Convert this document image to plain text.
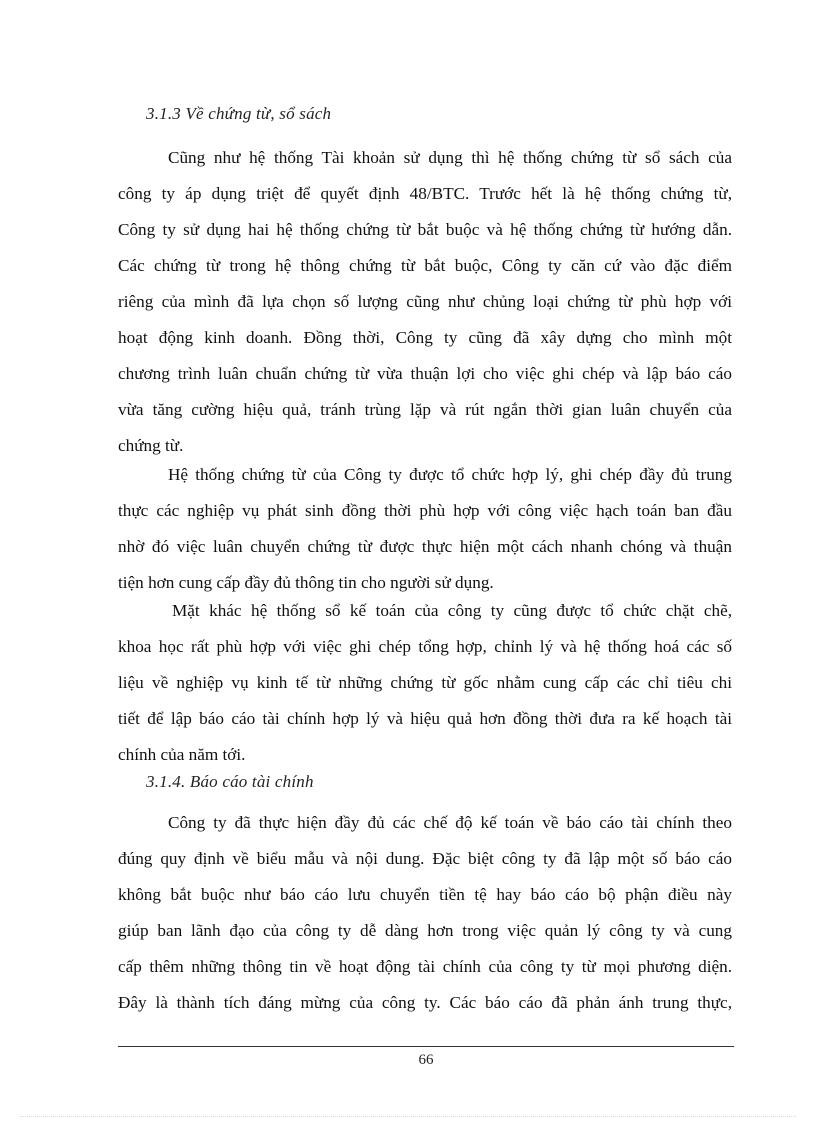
3.1.3 Về chứng từ, sổ sách
Cũng như hệ thống Tài khoản sử dụng thì hệ thống chứng từ sổ sách của
công ty áp dụng triệt để quyết định 48/BTC. Trước hết là hệ thống chứng từ,
Công ty sử dụng hai hệ thống chứng từ bắt buộc và hệ thống chứng từ hướng dẫn.
Các chứng từ trong hệ thông chứng từ bắt buộc, Công ty căn cứ vào đặc điểm
riêng của mình đã lựa chọn số lượng cũng như chủng loại chứng từ phù hợp với
hoạt động kinh doanh. Đồng thời, Công ty cũng đã xây dựng cho mình một
chương trình luân chuẩn chứng từ vừa thuận lợi cho việc ghi chép và lập báo cáo
vừa tăng cường hiệu quả, tránh trùng lặp và rút ngắn thời gian luân chuyển của
chứng từ.
Hệ thống chứng từ của Công ty được tổ chức hợp lý, ghi chép đầy đủ trung
thực các nghiệp vụ phát sinh đồng thời phù hợp với công việc hạch toán ban đầu
nhờ đó việc luân chuyển chứng từ được thực hiện một cách nhanh chóng và thuận
tiện hơn cung cấp đầy đủ thông tin cho người sử dụng.
Mặt khác hệ thống sổ kế toán của công ty cũng được tổ chức chặt chẽ,
khoa học rất phù hợp với việc ghi chép tổng hợp, chỉnh lý và hệ thống hoá các số
liệu về nghiệp vụ kinh tế từ những chứng từ gốc nhằm cung cấp các chỉ tiêu chi
tiết để lập báo cáo tài chính hợp lý và hiệu quả hơn đồng thời đưa ra kế hoạch tài
chính của năm tới.
3.1.4. Báo cáo tài chính
Công ty đã thực hiện đầy đủ các chế độ kế toán về báo cáo tài chính theo
đúng quy định về biểu mẫu và nội dung. Đặc biệt công ty đã lập một số báo cáo
không bắt buộc như báo cáo lưu chuyển tiền tệ hay báo cáo bộ phận điều này
giúp ban lãnh đạo của công ty dễ dàng hơn trong việc quản lý công ty và cung
cấp thêm những thông tin về hoạt động tài chính của công ty từ mọi phương diện.
Đây là thành tích đáng mừng của công ty. Các báo cáo đã phản ánh trung thực,
66
